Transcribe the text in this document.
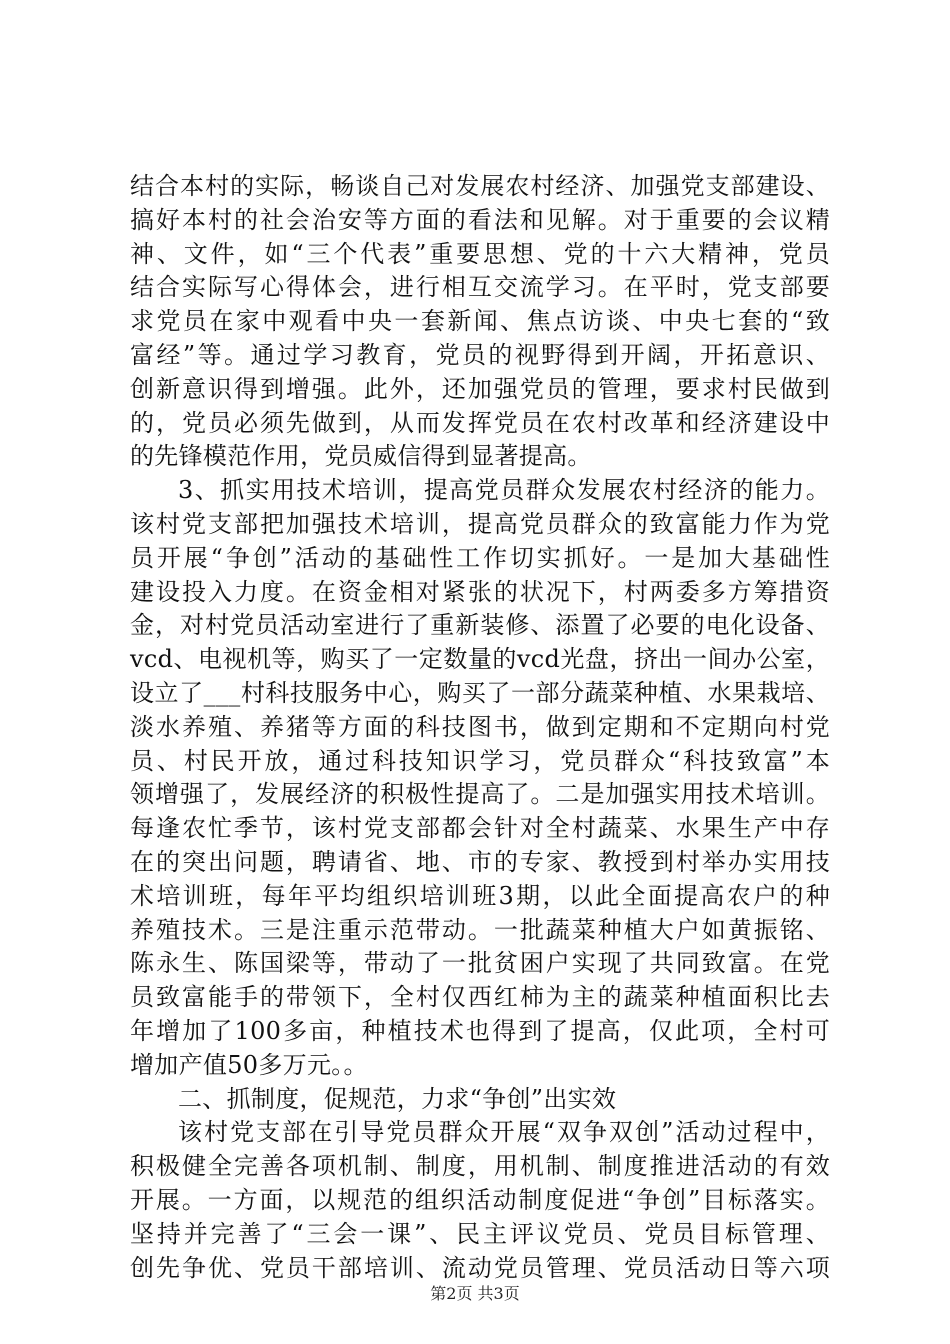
结合本村的实际，畅谈自己对发展农村经济、加强党支部建设、
搞好本村的社会治安等方面的看法和见解。对于重要的会议精
神、文件，如“三个代表”重要思想、党的十六大精神，党员
结合实际写心得体会，进行相互交流学习。在平时，党支部要
求党员在家中观看中央一套新闻、焦点访谈、中央七套的“致
富经”等。通过学习教育，党员的视野得到开阔，开拓意识、
创新意识得到增强。此外，还加强党员的管理，要求村民做到
的，党员必须先做到，从而发挥党员在农村改革和经济建设中
的先锋模范作用，党员威信得到显著提高。
3、抓实用技术培训，提高党员群众发展农村经济的能力。
该村党支部把加强技术培训，提高党员群众的致富能力作为党
员开展“争创”活动的基础性工作切实抓好。一是加大基础性
建设投入力度。在资金相对紧张的状况下，村两委多方筹措资
金，对村党员活动室进行了重新装修、添置了必要的电化设备、
vcd、电视机等，购买了一定数量的vcd光盘，挤出一间办公室，
设立了___村科技服务中心，购买了一部分蔬菜种植、水果栽培、
淡水养殖、养猪等方面的科技图书，做到定期和不定期向村党
员、村民开放，通过科技知识学习，党员群众“科技致富”本
领增强了，发展经济的积极性提高了。二是加强实用技术培训。
每逢农忙季节，该村党支部都会针对全村蔬菜、水果生产中存
在的突出问题，聘请省、地、市的专家、教授到村举办实用技
术培训班，每年平均组织培训班3期，以此全面提高农户的种
养殖技术。三是注重示范带动。一批蔬菜种植大户如黄振铭、
陈永生、陈国梁等，带动了一批贫困户实现了共同致富。在党
员致富能手的带领下，全村仅西红柿为主的蔬菜种植面积比去
年增加了100多亩，种植技术也得到了提高，仅此项，全村可
增加产值50多万元。。
二、抓制度，促规范，力求“争创”出实效
该村党支部在引导党员群众开展“双争双创”活动过程中，
积极健全完善各项机制、制度，用机制、制度推进活动的有效
开展。一方面，以规范的组织活动制度促进“争创”目标落实。
坚持并完善了“三会一课”、民主评议党员、党员目标管理、
创先争优、党员干部培训、流动党员管理、党员活动日等六项
第2页 共3页
